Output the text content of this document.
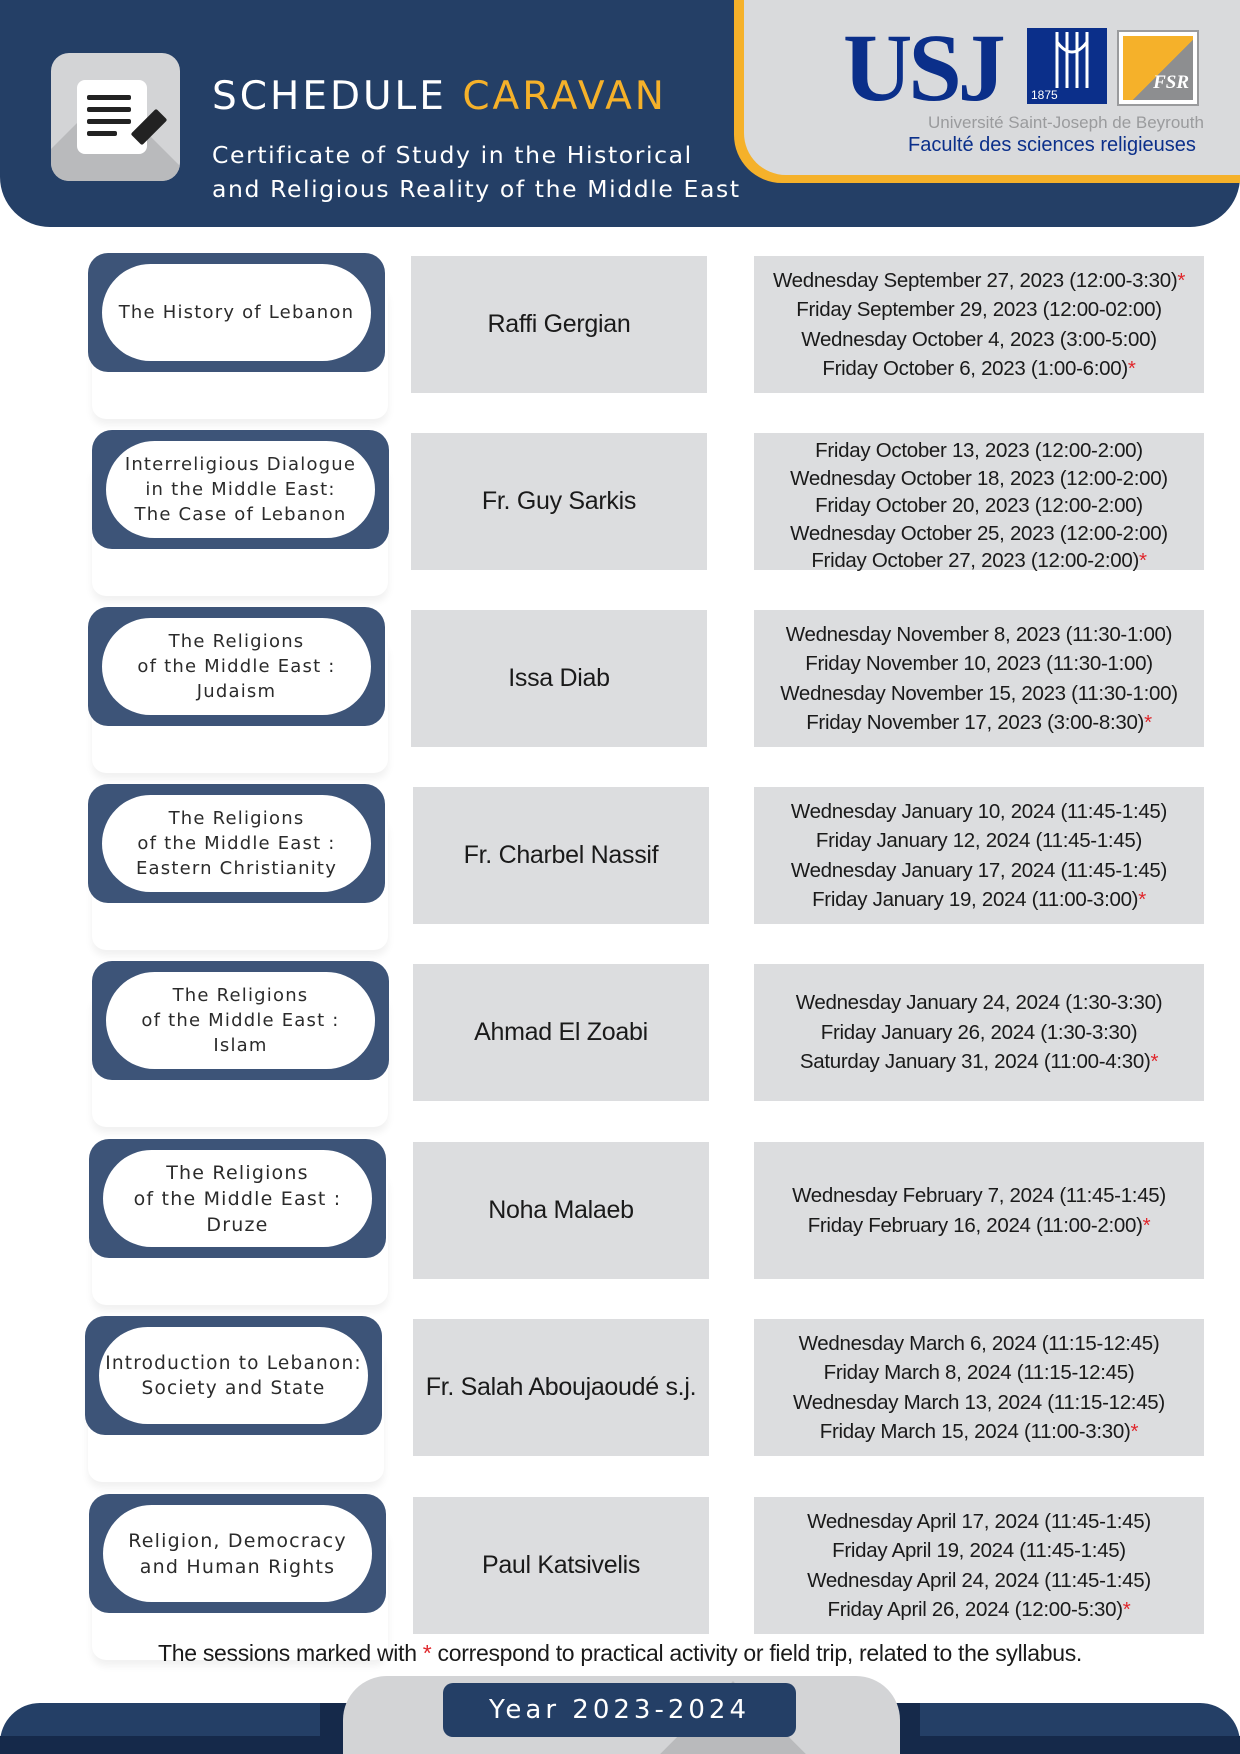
SCHEDULE CARAVAN
Certificate of Study in the Historical
and Religious Reality of the Middle East
USJ 1875
FSR
Université Saint-Joseph de Beyrouth
Faculté des sciences religieuses
The History of Lebanon	Raffi Gergian
Wednesday September 27, 2023 (12:00-3:30)*
Friday September 29, 2023 (12:00-02:00)
Wednesday October 4, 2023 (3:00-5:00)
Friday October 6, 2023 (1:00-6:00)*
Interreligious Dialogue
in the Middle East:
The Case of Lebanon	Fr. Guy Sarkis
Friday October 13, 2023 (12:00-2:00)
Wednesday October 18, 2023 (12:00-2:00)
Friday October 20, 2023 (12:00-2:00)
Wednesday October 25, 2023 (12:00-2:00)
Friday October 27, 2023 (12:00-2:00)*
The Religions
of the Middle East :
Judaism	Issa Diab
Wednesday November 8, 2023 (11:30-1:00)
Friday November 10, 2023 (11:30-1:00)
Wednesday November 15, 2023 (11:30-1:00)
Friday November 17, 2023 (3:00-8:30)*
The Religions
of the Middle East :
Eastern Christianity	Fr. Charbel Nassif
Wednesday January 10, 2024 (11:45-1:45)
Friday January 12, 2024 (11:45-1:45)
Wednesday January 17, 2024 (11:45-1:45)
Friday January 19, 2024 (11:00-3:00)*
The Religions
of the Middle East :
Islam	Ahmad El Zoabi
Wednesday January 24, 2024 (1:30-3:30)
Friday January 26, 2024 (1:30-3:30)
Saturday January 31, 2024 (11:00-4:30)*
The Religions
of the Middle East :
Druze
Noha Malaeb
Wednesday February 7, 2024 (11:45-1:45)
Friday February 16, 2024 (11:00-2:00)*
Introduction to Lebanon:
Society and State	Fr. Salah Aboujaoudé s.j.
Wednesday March 6, 2024 (11:15-12:45)
Friday March 8, 2024 (11:15-12:45)
Wednesday March 13, 2024 (11:15-12:45)
Friday March 15, 2024 (11:00-3:30)*
Religion, Democracy
and Human Rights	Paul Katsivelis
Wednesday April 17, 2024 (11:45-1:45)
Friday April 19, 2024 (11:45-1:45)
Wednesday April 24, 2024 (11:45-1:45)
Friday April 26, 2024 (12:00-5:30)*
The sessions marked with * correspond to practical activity or field trip, related to the syllabus.
Year 2023-2024
